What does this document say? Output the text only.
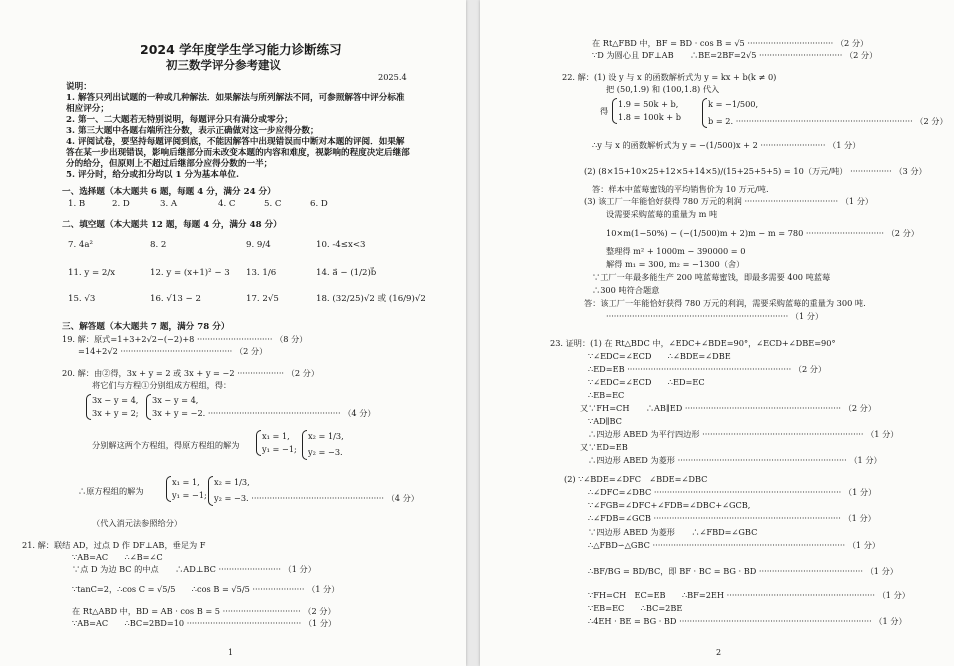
2024 学年度学生学习能力诊断练习
初三数学评分参考建议
2025.4
说明：
1. 解答只列出试题的一种或几种解法．如果解法与所列解法不同，可参照解答中评分标准
相应评分；
2. 第一、二大题若无特别说明，每题评分只有满分或零分；
3. 第三大题中各题右端所注分数，表示正确做对这一步应得分数；
4. 评阅试卷，要坚持每题评阅到底，不能因解答中出现错误而中断对本题的评阅．如果解
答在某一步出现错误，影响后继部分而未改变本题的内容和难度，视影响的程度决定后继部
分的给分，但原则上不超过后继部分应得分数的一半；
5. 评分时，给分或扣分均以 1 分为基本单位.
一、选择题（本大题共 6 题，每题 4 分，满分 24 分）
1. B	2. D	3. A	4. C	5. C	6. D
二、填空题（本大题共 12 题，每题 4 分，满分 48 分）
7. 4a²	8. 2	9. 9/4	10. -4≤x<3
11. y = 2/x	12. y = (x+1)² − 3 13. 1/6	14. a⃗ − (1/2)b⃗
15. √3	16. √13 − 2	17. 2√5	18. (32/25)√2 或 (16/9)√2
三、解答题（本大题共 7 题，满分 78 分）
19. 解：原式=1+3+2√2−(−2)+8 ····························· （8 分）
=14+2√2 ··········································· （2 分）
20. 解：由②得，3x + y = 2 或 3x + y = −2 ·················· （2 分）
将它们与方程①分别组成方程组，得：
3x − y = 4,
3x + y = 2;
3x − y = 4,
3x + y = −2. ··················································· （4 分）
分别解这两个方程组，得原方程组的解为
x₁ = 1,
y₁ = −1;
x₂ = 1/3,
y₂ = −3.
∴原方程组的解为
x₁ = 1,
y₁ = −1;
x₂ = 1/3,
y₂ = −3. ··················································· （4 分）
（代入消元法参照给分）
21. 解：联结 AD，过点 D 作 DF⊥AB，垂足为 F
∵AB=AC　　∴∠B=∠C
∵点 D 为边 BC 的中点　　∴AD⊥BC ························ （1 分）
∵tanC=2，∴cos C = √5/5　　∴cos B = √5/5 ···················· （1 分）
在 Rt△ABD 中，BD = AB · cos B = 5 ······························ （2 分）
∵AB=AC　　∴BC=2BD=10 ············································ （1 分）
1
在 Rt△FBD 中，BF = BD · cos B = √5 ································· （2 分）
∵D 为圆心且 DF⊥AB　　∴BE=2BF=2√5 ································ （2 分）
22. 解：(1) 设 y 与 x 的函数解析式为 y = kx + b(k ≠ 0)
把 (50,1.9) 和 (100,1.8) 代入
1.9 = 50k + b,
1.8 = 100k + b
得
k = −1/500,
b = 2. ···································································· （2 分）
∴y 与 x 的函数解析式为 y = −(1/500)x + 2 ························· （1 分）
(2) (8×15+10×25+12×5+14×5)/(15+25+5+5) = 10（万元/吨） ················ （3 分）
答：样本中蓝莓蜜饯的平均销售价为 10 万元/吨.
(3) 该工厂一年能恰好获得 780 万元的利润 ···································· （1 分）
设需要采购蓝莓的重量为 m 吨
10×m(1−50%) − (−(1/500)m + 2)m − m = 780 ······························ （2 分）
整理得 m² + 1000m − 390000 = 0
解得 m₁ = 300, m₂ = −1300（舍）
∵工厂一年最多能生产 200 吨蓝莓蜜饯，即最多需要 400 吨蓝莓
∴300 吨符合题意
答：该工厂一年能恰好获得 780 万元的利润，需要采购蓝莓的重量为 300 吨.
······································································ （1 分）
23. 证明：(1) 在 Rt△BDC 中，∠EDC+∠BDE=90°，∠ECD+∠DBE=90°
∵∠EDC=∠ECD　　∴∠BDE=∠DBE
∴ED=EB ······························································· （2 分）
∵∠EDC=∠ECD　　∴ED=EC
∴EB=EC
又∵FH=CH　　∴AB∥ED ···························································· （2 分）
∵AD∥BC
∴四边形 ABED 为平行四边形 ······························································ （1 分）
又∵ED=EB
∴四边形 ABED 为菱形 ································································· （1 分）
(2) ∵∠BDE=∠DFC　∠BDE=∠DBC
∴∠DFC=∠DBC ········································································ （1 分）
∵∠FGB=∠DFC+∠FDB=∠DBC+∠GCB,
∴∠FDB=∠GCB ········································································ （1 分）
∵四边形 ABED 为菱形　　∴∠FBD=∠GBC
∴△FBD∽△GBC ·········································································· （1 分）
∴BF/BG = BD/BC，即 BF · BC = BG · BD ········································ （1 分）
∵FH=CH　EC=EB　　∴BF=2EH ························································· （1 分）
∵EB=EC　　∴BC=2BE
∴4EH · BE = BG · BD ·········································································· （1 分）
2
